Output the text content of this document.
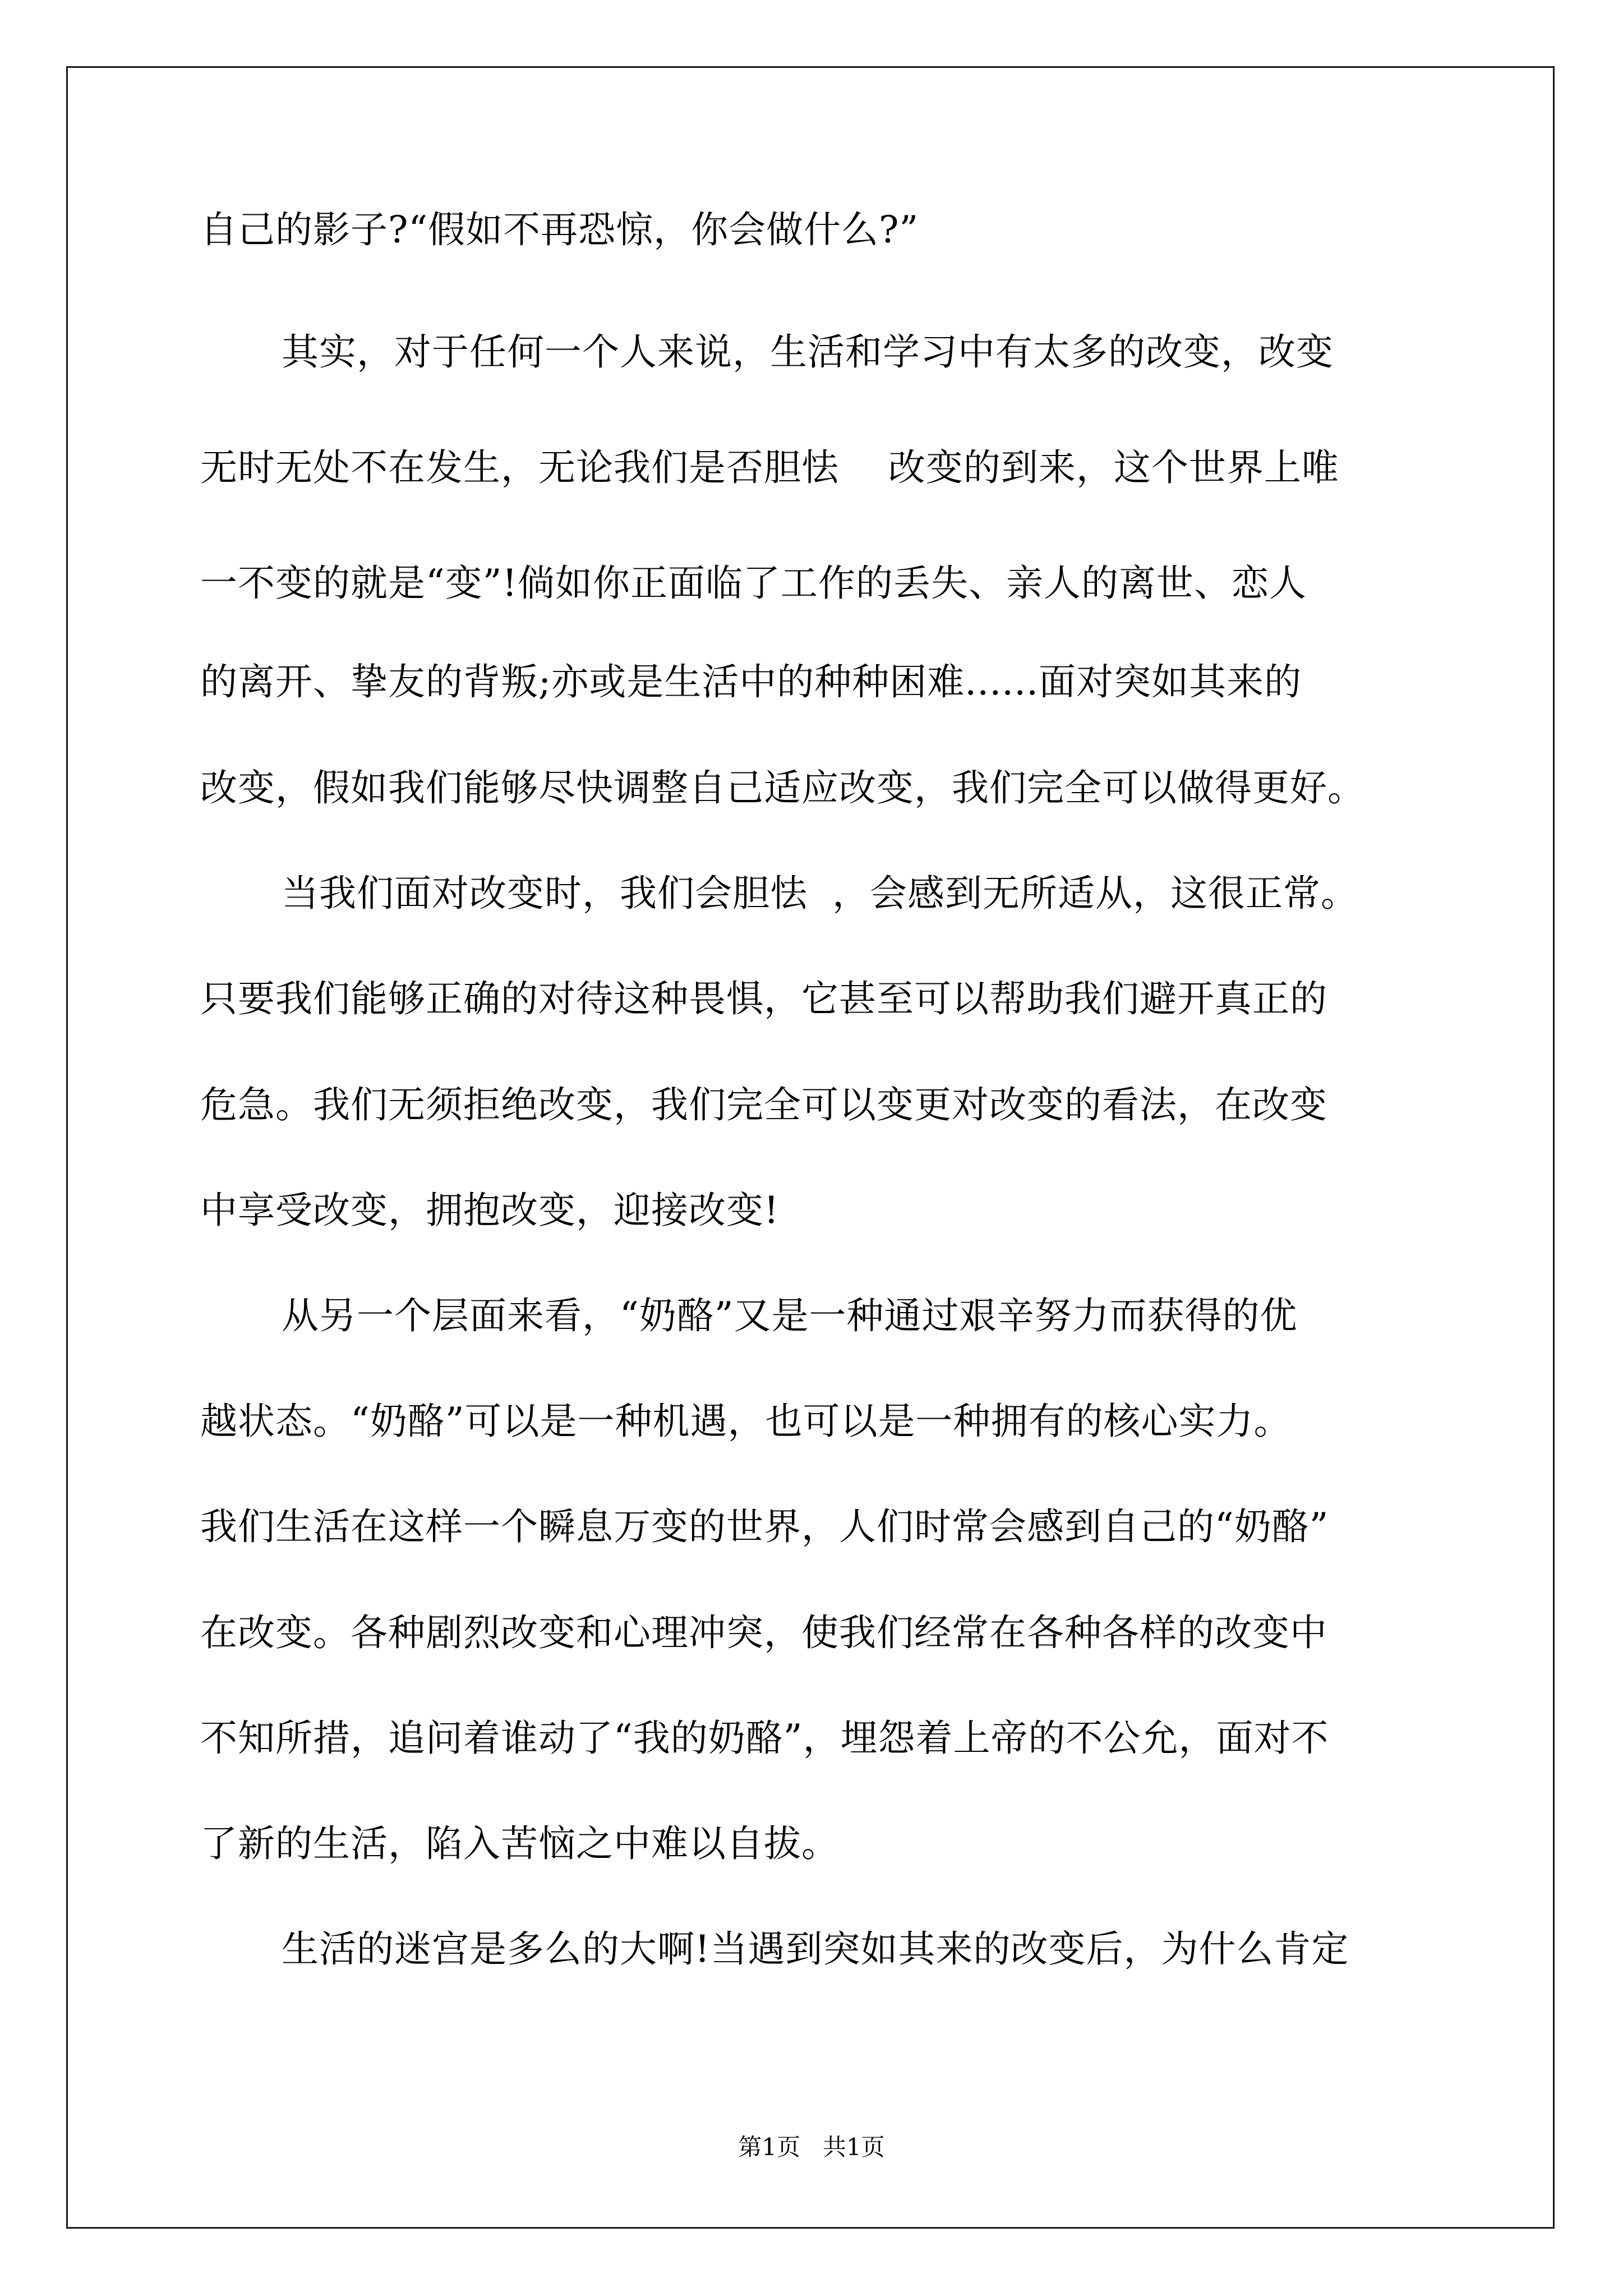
自己的影子?“假如不再恐惊，你会做什么?”
其实，对于任何一个人来说，生活和学习中有太多的改变，改变
无时无处不在发生，无论我们是否胆怯    改变的到来，这个世界上唯
一不变的就是“变”!倘如你正面临了工作的丢失、亲人的离世、恋人
的离开、挚友的背叛;亦或是生活中的种种困难......面对突如其来的
改变，假如我们能够尽快调整自己适应改变，我们完全可以做得更好。
当我们面对改变时，我们会胆怯  ，会感到无所适从，这很正常。
只要我们能够正确的对待这种畏惧，它甚至可以帮助我们避开真正的
危急。我们无须拒绝改变，我们完全可以变更对改变的看法，在改变
中享受改变，拥抱改变，迎接改变!
从另一个层面来看，“奶酪”又是一种通过艰辛努力而获得的优
越状态。“奶酪”可以是一种机遇，也可以是一种拥有的核心实力。
我们生活在这样一个瞬息万变的世界，人们时常会感到自己的“奶酪”
在改变。各种剧烈改变和心理冲突，使我们经常在各种各样的改变中
不知所措，追问着谁动了“我的奶酪”，埋怨着上帝的不公允，面对不
了新的生活，陷入苦恼之中难以自拔。
生活的迷宫是多么的大啊!当遇到突如其来的改变后，为什么肯定
第1页   共1页
